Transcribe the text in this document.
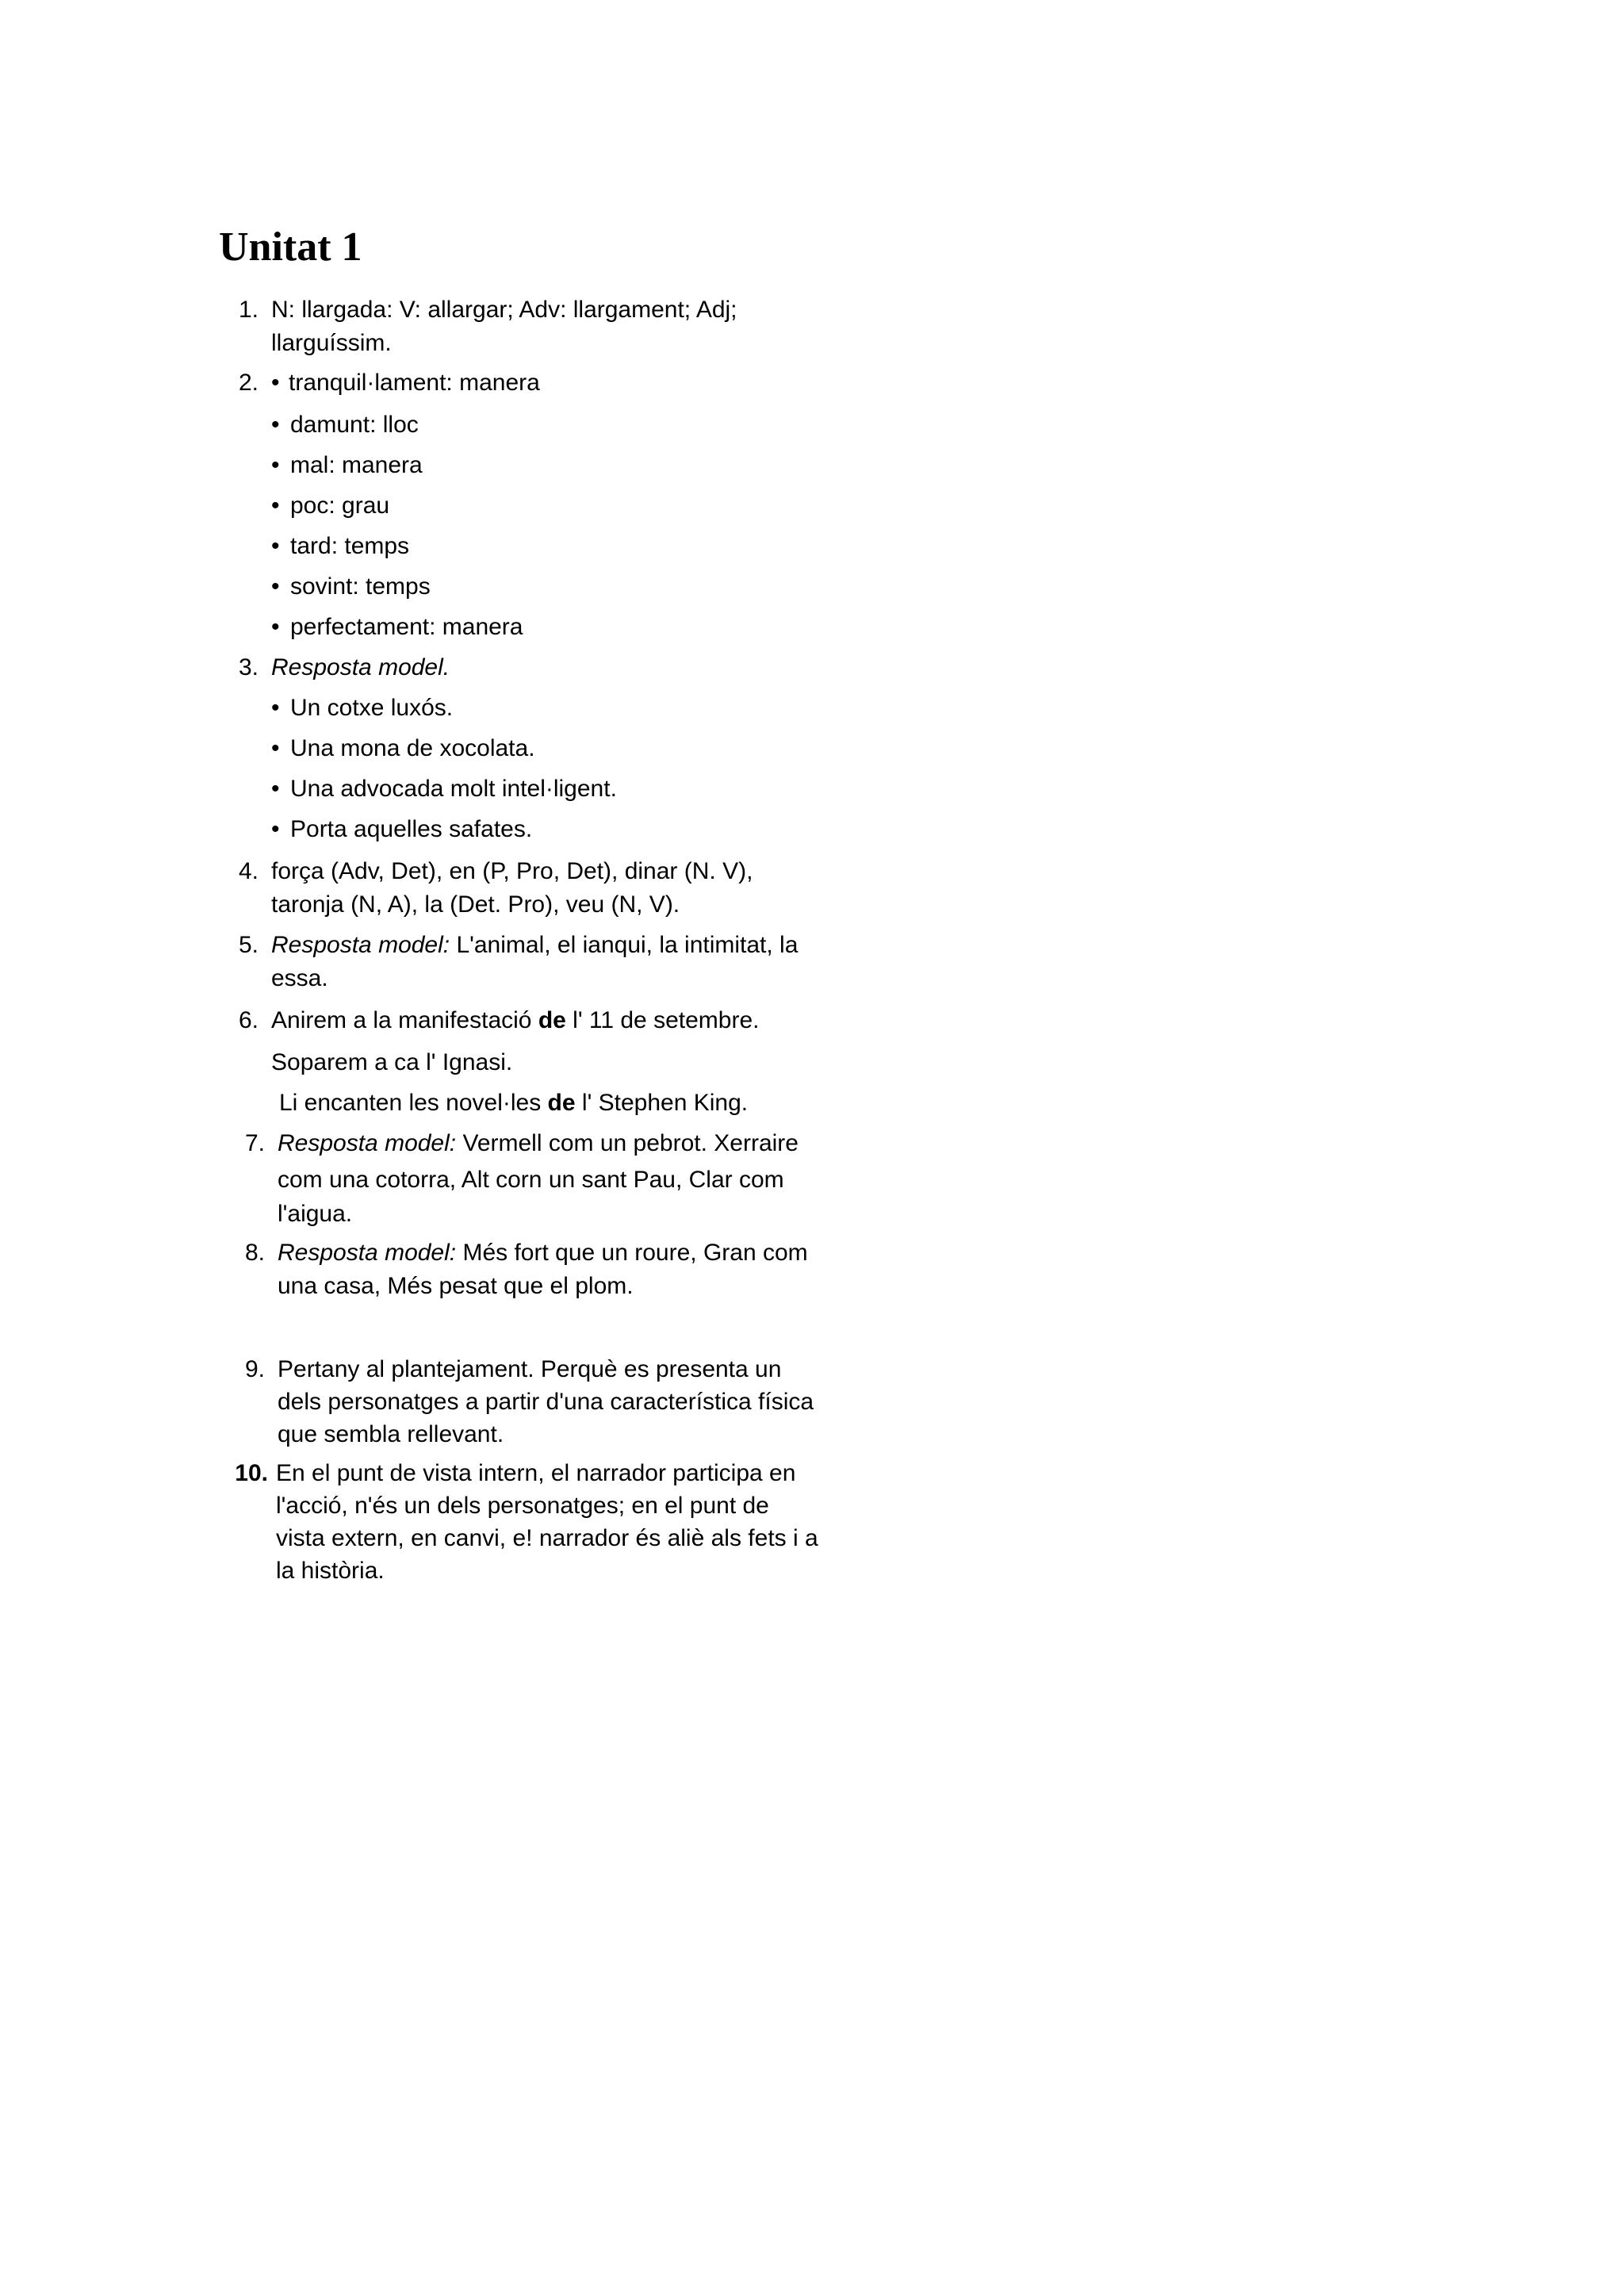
Unitat 1
1. N: llargada: V: allargar; Adv: llargament; Adj;
llarguíssim.
2. • tranquil·lament: manera
• damunt: lloc
• mal: manera
• poc: grau
• tard: temps
• sovint: temps
• perfectament: manera
3. Resposta model.
• Un cotxe luxós.
• Una mona de xocolata.
• Una advocada molt intel·ligent.
• Porta aquelles safates.
4. força (Adv, Det), en (P, Pro, Det), dinar (N. V),
taronja (N, A), la (Det. Pro), veu (N, V).
5. Resposta model: L'animal, el ianqui, la intimitat, la
essa.
6. Anirem a la manifestació de l' 11 de setembre.
Soparem a ca l' Ignasi.
Li encanten les novel·les de l' Stephen King.
7. Resposta model: Vermell com un pebrot. Xerraire
com una cotorra, Alt corn un sant Pau, Clar com
l'aigua.
8. Resposta model: Més fort que un roure, Gran com
una casa, Més pesat que el plom.
9. Pertany al plantejament. Perquè es presenta un
dels personatges a partir d'una característica física
que sembla rellevant.
10. En el punt de vista intern, el narrador participa en
l'acció, n'és un dels personatges; en el punt de
vista extern, en canvi, e! narrador és aliè als fets i a
la història.
